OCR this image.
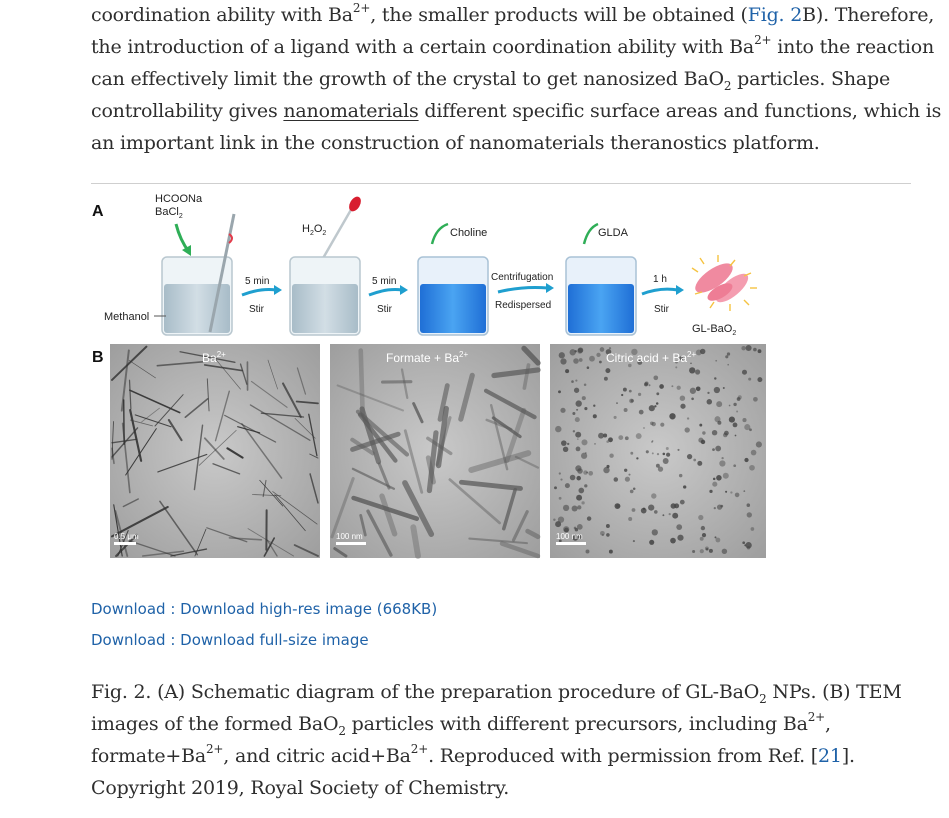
coordination ability with $Ba^{2+}$, the smaller products will be obtained (Fig. 2B). Therefore,
the introduction of a ligand with a certain coordination ability with $Ba^{2+}$ into the reaction
can effectively limit the growth of the crystal to get nanosized BaO$_2$ particles. Shape
controllability gives nanomaterials different specific surface areas and functions, which is
an important link in the construction of nanomaterials theranostics platform.

A
HCOONa
BaCl$_2$
Methanol
5 min
Stir
$H_2O_2$
5 min
Stir
Choline
Centrifugation
Redispersed
GLDA
1 h
Stir
GL-BaO$_2$
B	$Ba^{2+}$
0.5 μm
Formate + $Ba^{2+}$
100 nm
Citric acid + $Ba^{2+}$
100 nm
Download : Download high-res image (668KB)
Download : Download full-size image

Fig. 2. (A) Schematic diagram of the preparation procedure of GL-BaO$_2$ NPs. (B) TEM
images of the formed BaO$_2$ particles with different precursors, including $Ba^{2+}$,
$formate+Ba^{2+}$, and citric $acid+Ba^{2+}$. Reproduced with permission from Ref. [21].
Copyright 2019, Royal Society of Chemistry.
